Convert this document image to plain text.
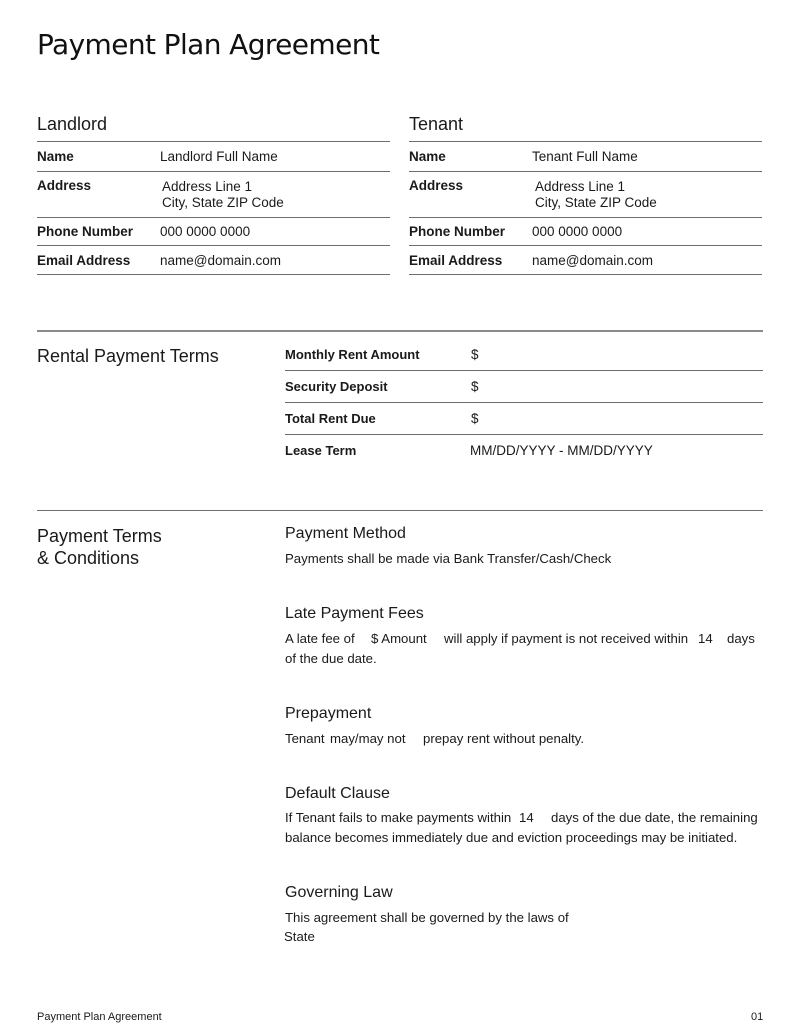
Payment Plan Agreement
Landlord
Name	Landlord Full Name
Address	Address Line 1
City, State ZIP Code
Phone Number 000 0000 0000
Email Address name@domain.com
Tenant
Name	Tenant Full Name
Address	Address Line 1
City, State ZIP Code
Phone Number 000 0000 0000
Email Address name@domain.com
Rental Payment Terms	Monthly Rent Amount	$
Security Deposit	$
Total Rent Due	$
Lease Term	MM/DD/YYYY - MM/DD/YYYY
Payment Terms
& Conditions
Payment Method
Payments shall be made via Bank Transfer/Cash/Check
Late Payment Fees
A late fee of $ Amount will apply if payment is not received within 14 days
of the due date.
Prepayment
Tenant may/may not prepay rent without penalty.
Default Clause
If Tenant fails to make payments within 14 days of the due date, the remaining
balance becomes immediately due and eviction proceedings may be initiated.
Governing Law
This agreement shall be governed by the laws of
State
Payment Plan Agreement	01
